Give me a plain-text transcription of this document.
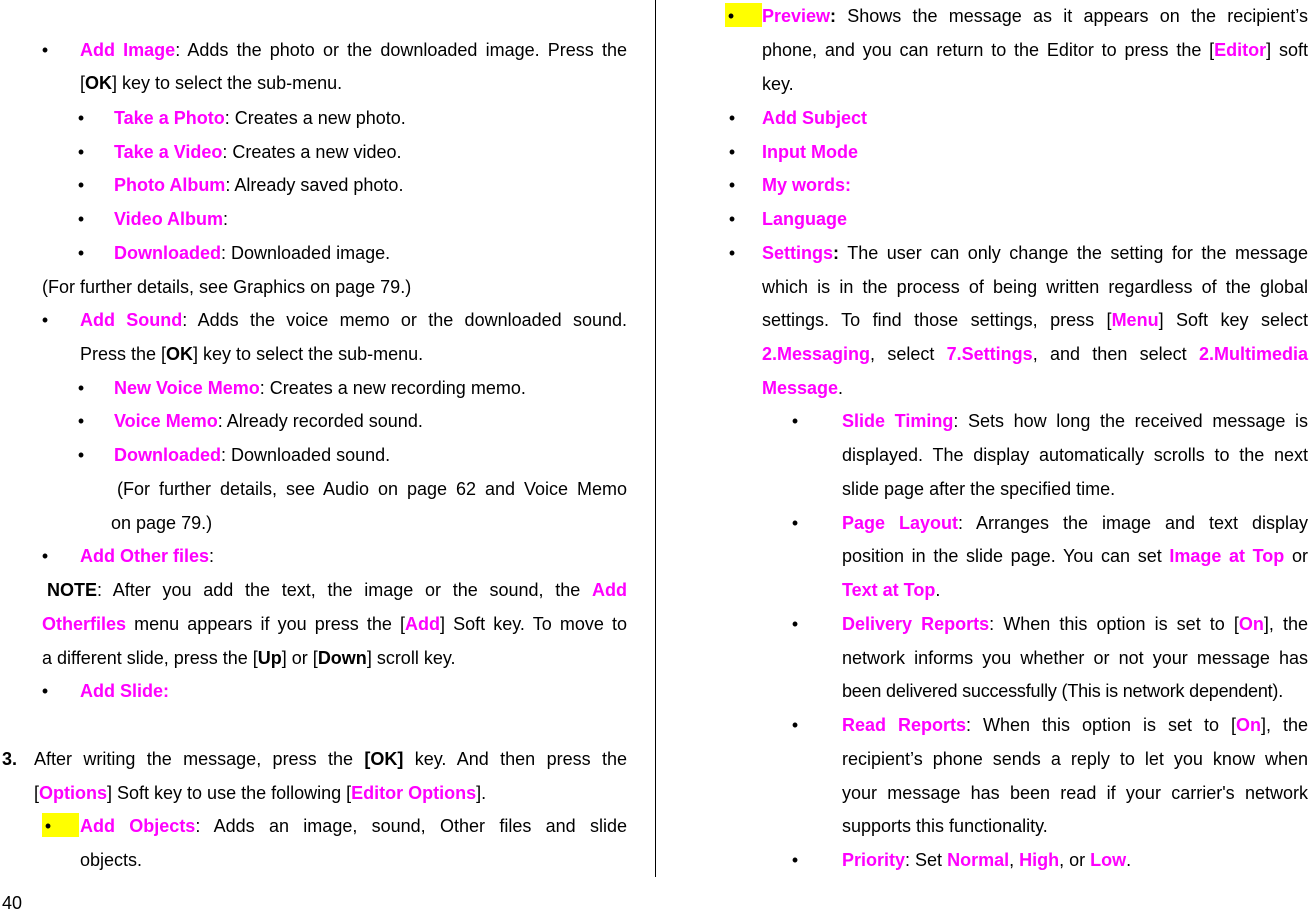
• Add Image: Adds the photo or the downloaded image. Press the
[OK] key to select the sub-menu.
• Take a Photo: Creates a new photo.
• Take a Video: Creates a new video.
• Photo Album: Already saved photo.
• Video Album:
• Downloaded: Downloaded image.
(For further details, see Graphics on page 79.)
• Add Sound: Adds the voice memo or the downloaded sound.
Press the [OK] key to select the sub-menu.
• New Voice Memo: Creates a new recording memo.
• Voice Memo: Already recorded sound.
• Downloaded: Downloaded sound.
(For further details, see Audio on page 62 and Voice Memo
on page 79.)
• Add Other files:
NOTE: After you add the text, the image or the sound, the Add
Otherfiles menu appears if you press the [Add] Soft key. To move to
a different slide, press the [Up] or [Down] scroll key.
• Add Slide:
3. After writing the message, press the [OK] key. And then press the
[Options] Soft key to use the following [Editor Options].
• Add Objects: Adds an image, sound, Other files and slide
objects.
• Preview: Shows the message as it appears on the recipient’s
phone, and you can return to the Editor to press the [Editor] soft
key.
• Add Subject
• Input Mode
• My words:
• Language
• Settings: The user can only change the setting for the message
which is in the process of being written regardless of the global
settings. To find those settings, press [Menu] Soft key select
2.Messaging, select 7.Settings, and then select 2.Multimedia
Message.
• Slide Timing: Sets how long the received message is
displayed. The display automatically scrolls to the next
slide page after the specified time.
• Page Layout: Arranges the image and text display
position in the slide page. You can set Image at Top or
Text at Top.
• Delivery Reports: When this option is set to [On], the
network informs you whether or not your message has
been delivered successfully (This is network dependent).
• Read Reports: When this option is set to [On], the
recipient’s phone sends a reply to let you know when
your message has been read if your carrier's network
supports this functionality.
• Priority: Set Normal, High, or Low.
40
